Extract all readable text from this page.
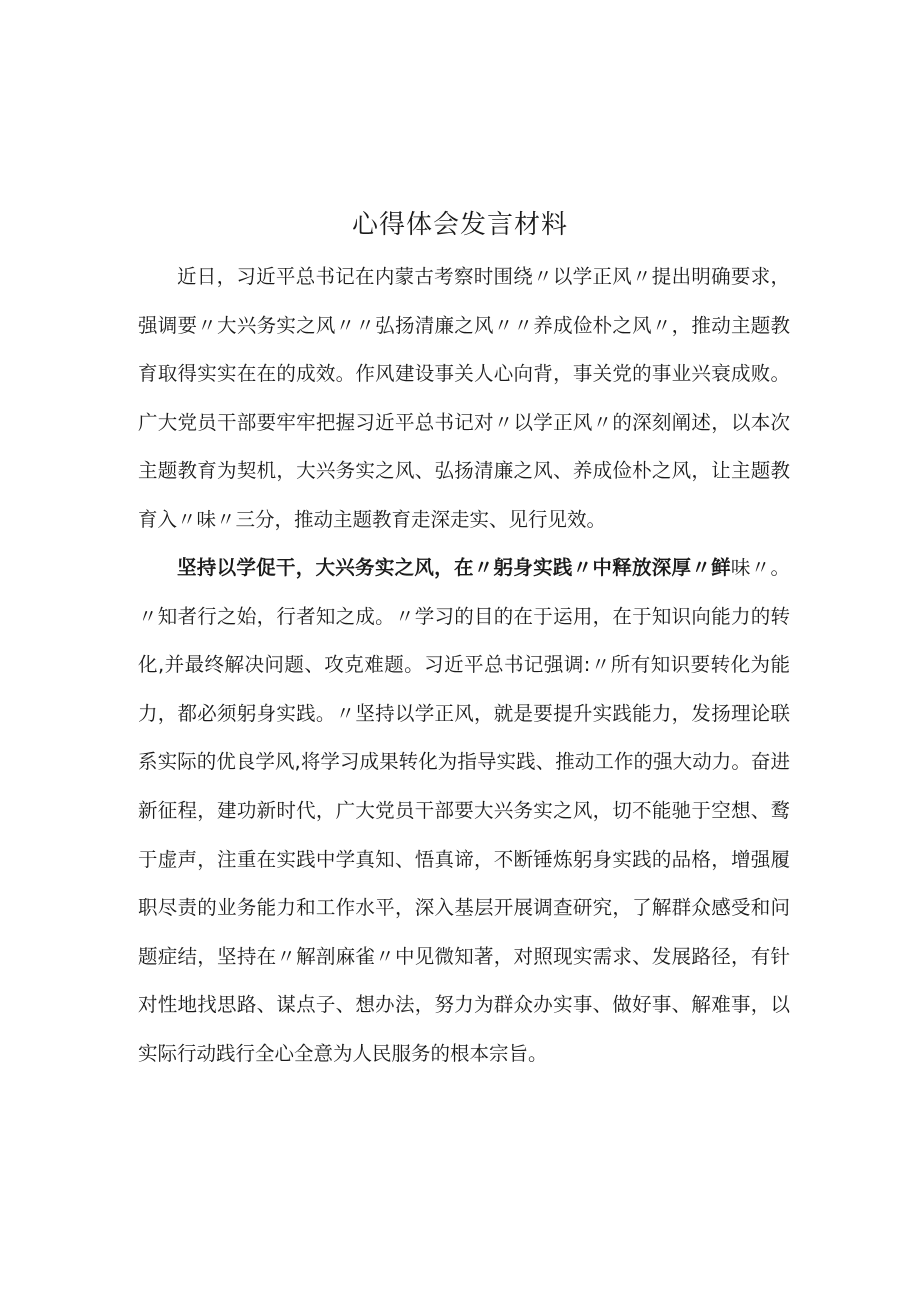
心得体会发言材料

近日，习近平总书记在内蒙古考察时围绕〃以学正风〃提出明确要求，强调要〃大兴务实之风〃〃弘扬清廉之风〃〃养成俭朴之风〃，推动主题教育取得实实在在的成效。作风建设事关人心向背，事关党的事业兴衰成败。广大党员干部要牢牢把握习近平总书记对〃以学正风〃的深刻阐述，以本次主题教育为契机，大兴务实之风、弘扬清廉之风、养成俭朴之风，让主题教育入〃味〃三分，推动主题教育走深走实、见行见效。

坚持以学促干，大兴务实之风，在〃躬身实践〃中释放深厚〃鲜味〃。〃知者行之始，行者知之成。〃学习的目的在于运用，在于知识向能力的转化,并最终解决问题、攻克难题。习近平总书记强调:〃所有知识要转化为能力，都必须躬身实践。〃坚持以学正风，就是要提升实践能力，发扬理论联系实际的优良学风,将学习成果转化为指导实践、推动工作的强大动力。奋进新征程，建功新时代，广大党员干部要大兴务实之风，切不能驰于空想、鹜于虚声，注重在实践中学真知、悟真谛，不断锤炼躬身实践的品格，增强履职尽责的业务能力和工作水平，深入基层开展调查研究，了解群众感受和问题症结，坚持在〃解剖麻雀〃中见微知著，对照现实需求、发展路径，有针对性地找思路、谋点子、想办法，努力为群众办实事、做好事、解难事，以实际行动践行全心全意为人民服务的根本宗旨。
